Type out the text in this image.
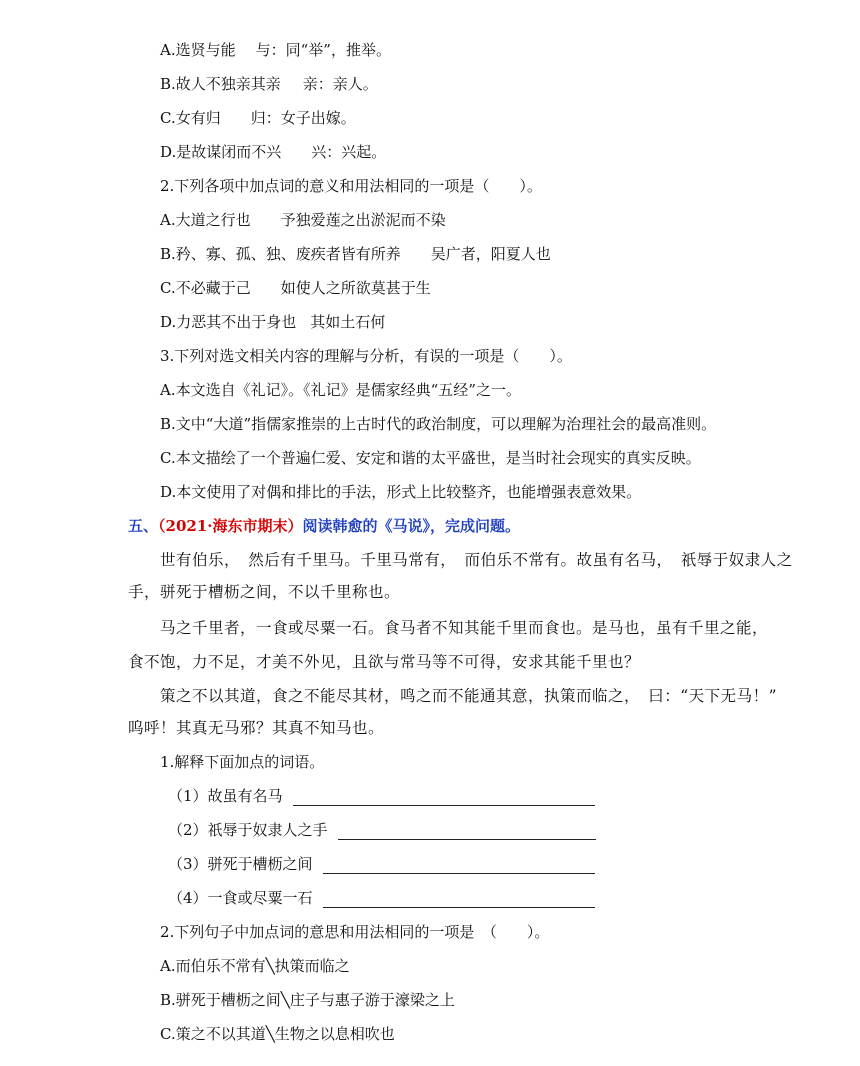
A.选贤与能 与：同“举”，推举。
B.故人不独亲其亲 亲：亲人。
C.女有归 归：女子出嫁。
D.是故谋闭而不兴 兴：兴起。
2.下列各项中加点词的意义和用法相同的一项是（　　）。
A.大道之行也 予独爱莲之出淤泥而不染
B.矜、寡、孤、独、废疾者皆有所养 吴广者，阳夏人也
C.不必藏于己 如使人之所欲莫甚于生
D.力恶其不出于身也 其如土石何
3.下列对选文相关内容的理解与分析，有误的一项是（　　）。
A.本文选自《礼记》。《礼记》是儒家经典“五经”之一。
B.文中“大道”指儒家推崇的上古时代的政治制度，可以理解为治理社会的最高准则。
C.本文描绘了一个普遍仁爱、安定和谐的太平盛世，是当时社会现实的真实反映。
D.本文使用了对偶和排比的手法，形式上比较整齐，也能增强表意效果。
五、（2021·海东市期末）阅读韩愈的《马说》，完成问题。
世有伯乐，　然后有千里马。千里马常有，　而伯乐不常有。故虽有名马，　祇辱于奴隶人之
手，骈死于槽枥之间，不以千里称也。
马之千里者，一食或尽粟一石。食马者不知其能千里而食也。是马也，虽有千里之能，
食不饱，力不足，才美不外见，且欲与常马等不可得，安求其能千里也？
策之不以其道，食之不能尽其材，鸣之而不能通其意，执策而临之，　曰：“天下无马！”
呜呼！其真无马邪？其真不知马也。
1.解释下面加点的词语。
（1）故虽有名马
（2）祇辱于奴隶人之手
（3）骈死于槽枥之间
（4）一食或尽粟一石
2.下列句子中加点词的意思和用法相同的一项是　（　　）。
A.而伯乐不常有╲执策而临之
B.骈死于槽枥之间╲庄子与惠子游于濠梁之上
C.策之不以其道╲生物之以息相吹也
